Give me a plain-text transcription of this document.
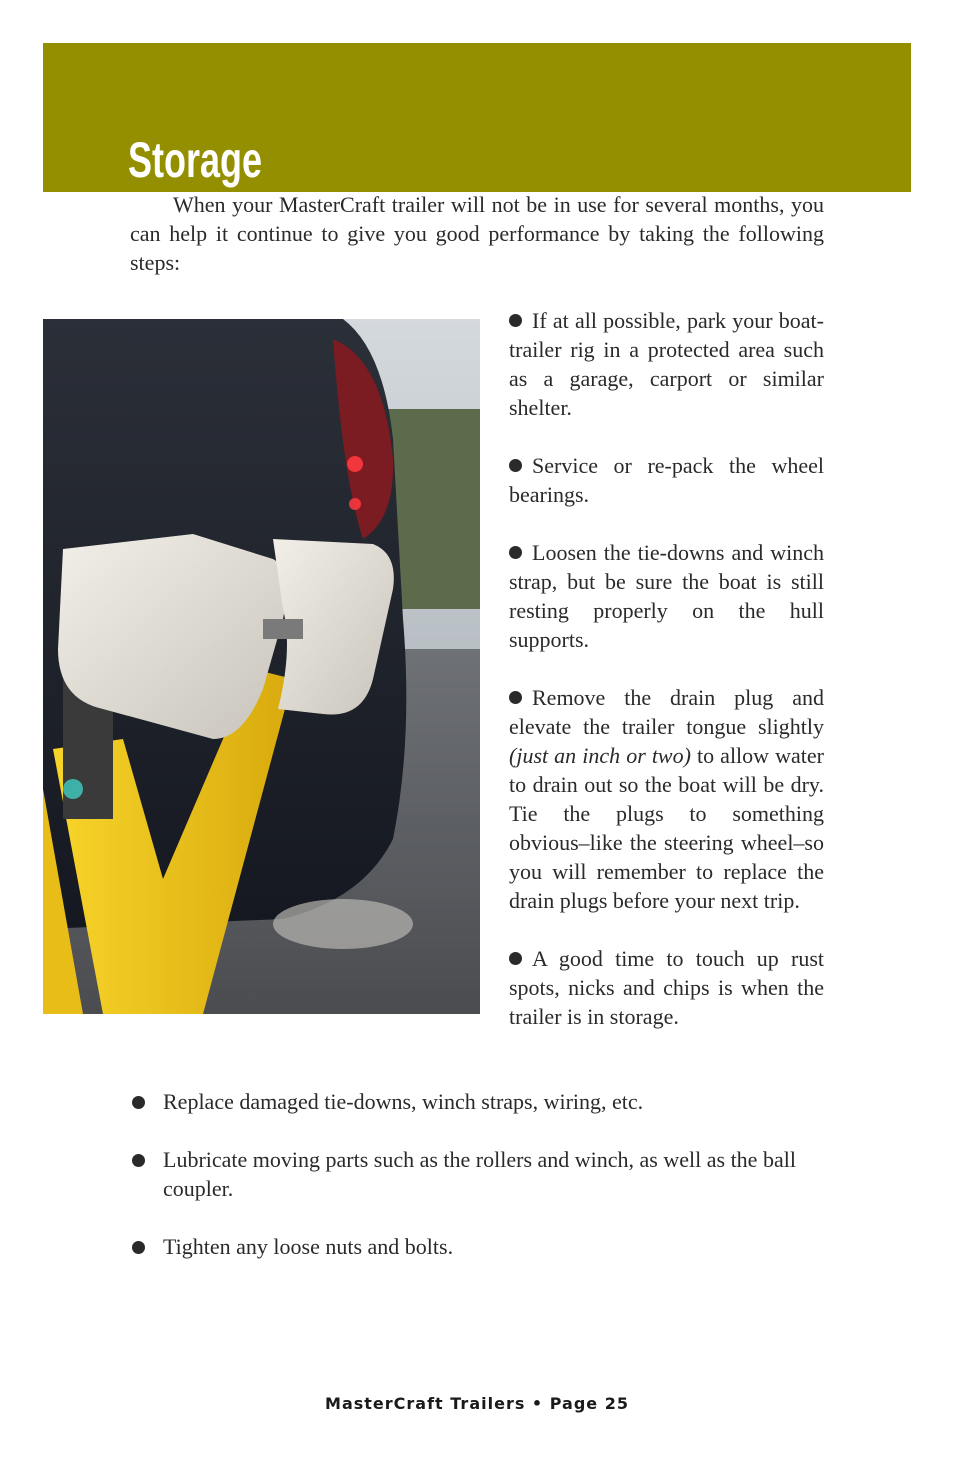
Storage

When your MasterCraft trailer will not be in use for several months, you can help it continue to give you good performance by taking the following steps:

If at all possible, park your boat-trailer rig in a protected area such as a garage, carport or similar shelter.

Service or re-pack the wheel bearings.

Loosen the tie-downs and winch strap, but be sure the boat is still resting properly on the hull supports.

Remove the drain plug and elevate the trailer tongue slightly (just an inch or two) to allow water to drain out so the boat will be dry. Tie the plugs to something obvious–like the steering wheel–so you will remember to replace the drain plugs before your next trip.

A good time to touch up rust spots, nicks and chips is when the trailer is in storage.

Replace damaged tie-downs, winch straps, wiring, etc.
Lubricate moving parts such as the rollers and winch, as well as the ball coupler.
Tighten any loose nuts and bolts.
MasterCraft Trailers • Page 25
